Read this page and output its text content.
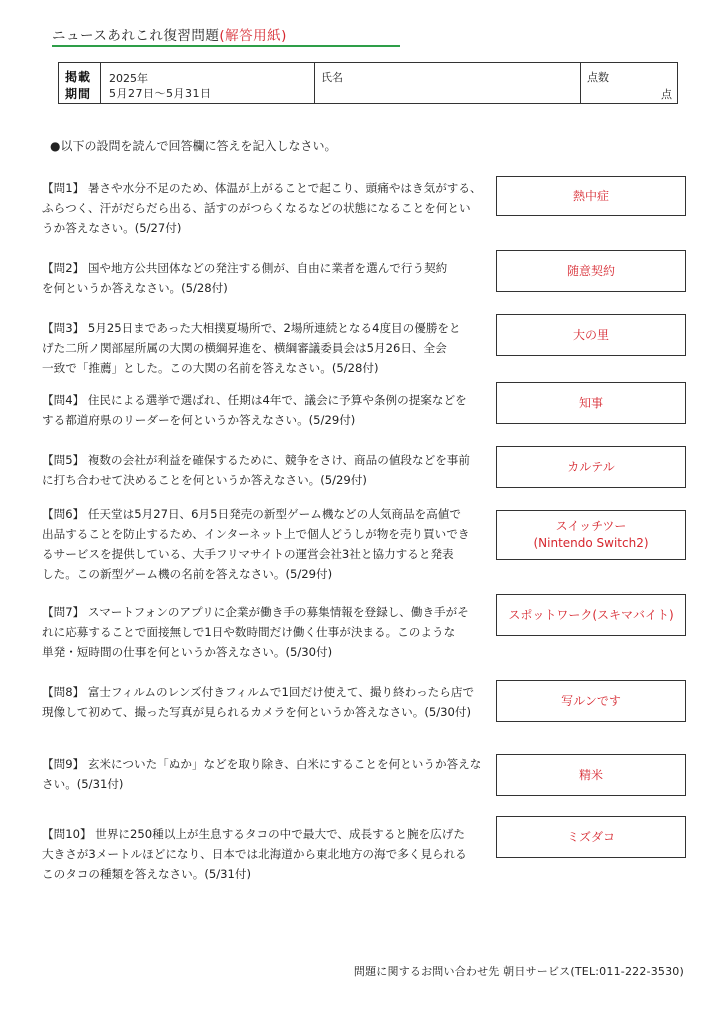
ニュースあれこれ復習問題(解答用紙)
掲載
期間
2025年
5月27日〜5月31日
氏名	点数
点
●以下の設問を読んで回答欄に答えを記入しなさい。
【問1】 暑さや水分不足のため、体温が上がることで起こり、頭痛やはき気がする、
ふらつく、汗がだらだら出る、話すのがつらくなるなどの状態になることを何とい
うか答えなさい。(5/27付)
熱中症
【問2】 国や地方公共団体などの発注する側が、自由に業者を選んで行う契約
を何というか答えなさい。(5/28付)
随意契約
【問3】 5月25日まであった大相撲夏場所で、2場所連続となる4度目の優勝をと
げた二所ノ関部屋所属の大関の横綱昇進を、横綱審議委員会は5月26日、全会
一致で「推薦」とした。この大関の名前を答えなさい。(5/28付)
大の里
【問4】 住民による選挙で選ばれ、任期は4年で、議会に予算や条例の提案などを
する都道府県のリーダーを何というか答えなさい。(5/29付)
知事
【問5】 複数の会社が利益を確保するために、競争をさけ、商品の値段などを事前
に打ち合わせて決めることを何というか答えなさい。(5/29付)
カルテル
【問6】 任天堂は5月27日、6月5日発売の新型ゲーム機などの人気商品を高値で
出品することを防止するため、インターネット上で個人どうしが物を売り買いでき
るサービスを提供している、大手フリマサイトの運営会社3社と協力すると発表
した。この新型ゲーム機の名前を答えなさい。(5/29付)
スイッチツー
(Nintendo Switch2)
【問7】 スマートフォンのアプリに企業が働き手の募集情報を登録し、働き手がそ
れに応募することで面接無しで1日や数時間だけ働く仕事が決まる。このような
単発・短時間の仕事を何というか答えなさい。(5/30付)
スポットワーク(スキマバイト)
【問8】 富士フィルムのレンズ付きフィルムで1回だけ使えて、撮り終わったら店で
現像して初めて、撮った写真が見られるカメラを何というか答えなさい。(5/30付)
写ルンです
【問9】 玄米についた「ぬか」などを取り除き、白米にすることを何というか答えな
さい。(5/31付)
精米
【問10】 世界に250種以上が生息するタコの中で最大で、成長すると腕を広げた
大きさが3メートルほどになり、日本では北海道から東北地方の海で多く見られる
このタコの種類を答えなさい。(5/31付)
ミズダコ
問題に関するお問い合わせ先 朝日サービス(TEL:011-222-3530)
